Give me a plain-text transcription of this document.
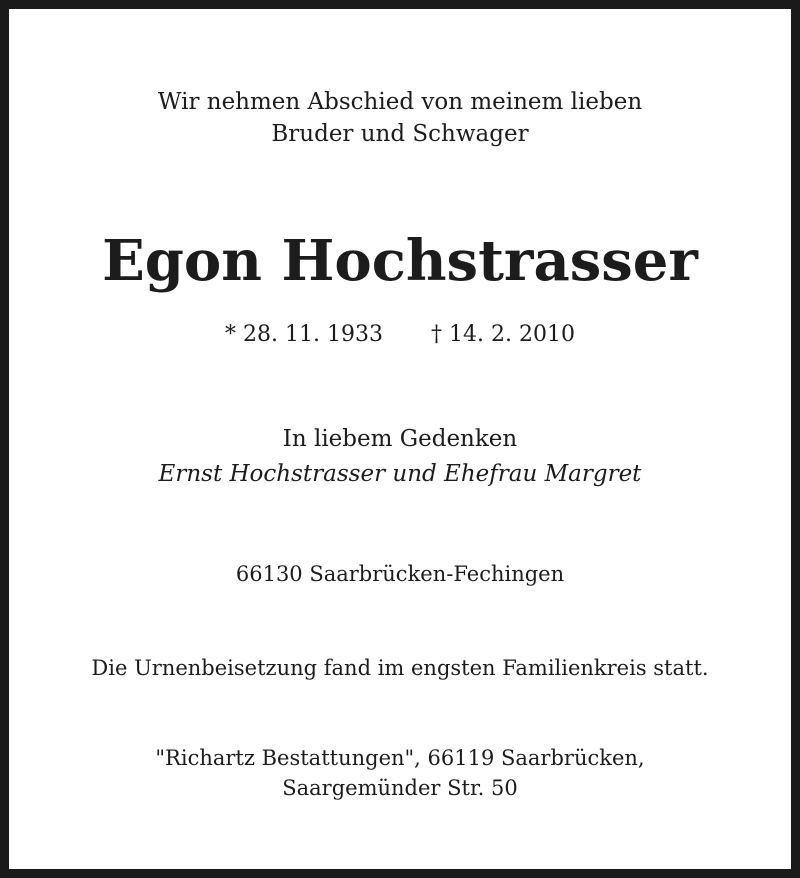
Wir nehmen Abschied von meinem lieben
Bruder und Schwager
Egon Hochstrasser
* 28. 11. 1933 † 14. 2. 2010
In liebem Gedenken
Ernst Hochstrasser und Ehefrau Margret
66130 Saarbrücken-Fechingen
Die Urnenbeisetzung fand im engsten Familienkreis statt.
"Richartz Bestattungen", 66119 Saarbrücken,
Saargemünder Str. 50
